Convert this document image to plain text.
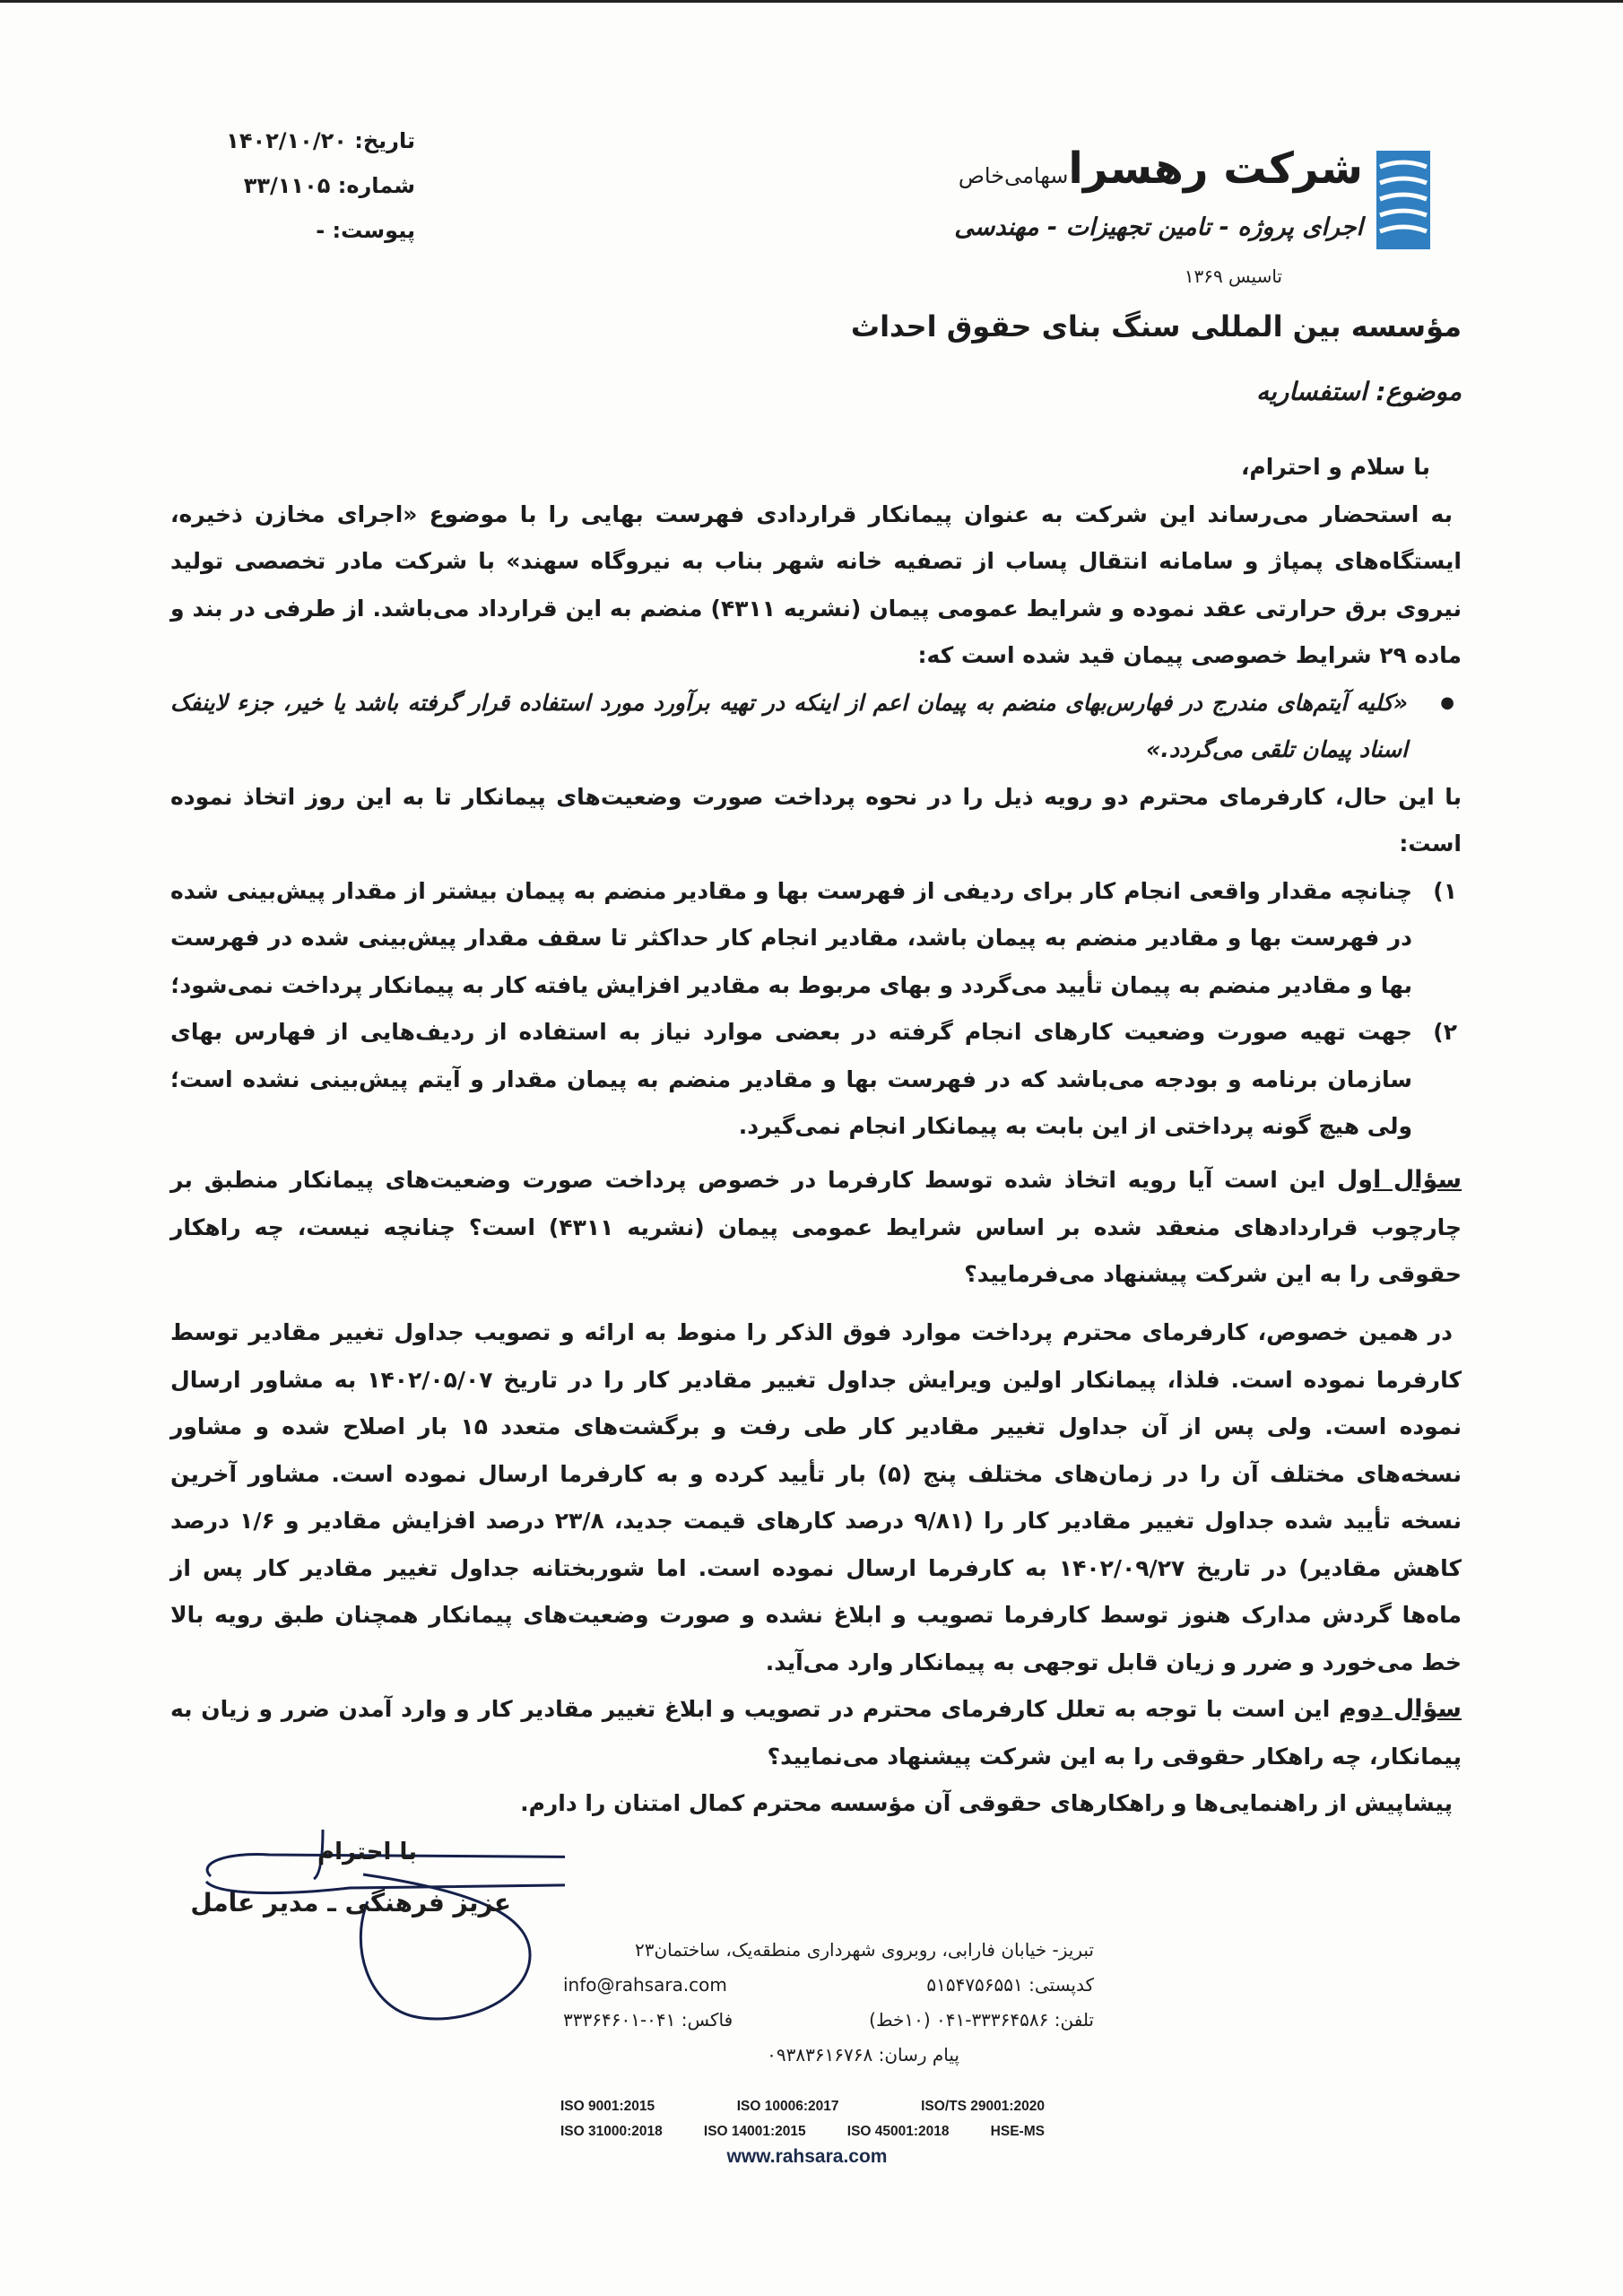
تاریخ: ۱۴۰۲/۱۰/۲۰
شماره: ۳۳/۱۱۰۵
پیوست: -
شرکت رهسراسهامی‌خاص
اجرای پروژه - تامین تجهیزات - مهندسی
تاسیس ۱۳۶۹
مؤسسه بین المللی سنگ بنای حقوق احداث
موضوع: استفساریه

با سلام و احترام،

به استحضار می‌رساند این شرکت به عنوان پیمانکار قراردادی فهرست بهایی را با موضوع «اجرای مخازن ذخیره، ایستگاه‌های پمپاژ و سامانه انتقال پساب از تصفیه خانه شهر بناب به نیروگاه سهند» با شرکت مادر تخصصی تولید نیروی برق حرارتی عقد نموده و شرایط عمومی پیمان (نشریه ۴۳۱۱) منضم به این قرارداد می‌باشد. از طرفی در بند و ماده ۲۹ شرایط خصوصی پیمان قید شده است که:

● «کلیه آیتم‌های مندرج در فهارس‌بهای منضم به پیمان اعم از اینکه در تهیه برآورد مورد استفاده قرار گرفته باشد یا خیر، جزء لاینفک اسناد پیمان تلقی می‌گردد.»

با این حال، کارفرمای محترم دو رویه ذیل را در نحوه پرداخت صورت وضعیت‌های پیمانکار تا به این روز اتخاذ نموده است:

۱)
چنانچه مقدار واقعی انجام کار برای ردیفی از فهرست بها و مقادیر منضم به پیمان بیشتر از مقدار پیش‌بینی شده در فهرست بها و مقادیر منضم به پیمان باشد، مقادیر انجام کار حداکثر تا سقف مقدار پیش‌بینی شده در فهرست بها و مقادیر منضم به پیمان تأیید می‌گردد و بهای مربوط به مقادیر افزایش یافته کار به پیمانکار پرداخت نمی‌شود؛

۲)
جهت تهیه صورت وضعیت کارهای انجام گرفته در بعضی موارد نیاز به استفاده از ردیف‌هایی از فهارس بهای سازمان برنامه و بودجه می‌باشد که در فهرست بها و مقادیر منضم به پیمان مقدار و آیتم پیش‌بینی نشده است؛ ولی هیچ گونه پرداختی از این بابت به پیمانکار انجام نمی‌گیرد.

سؤال اول این است آیا رویه اتخاذ شده توسط کارفرما در خصوص پرداخت صورت وضعیت‌های پیمانکار منطبق بر چارچوب قراردادهای منعقد شده بر اساس شرایط عمومی پیمان (نشریه ۴۳۱۱) است؟ چنانچه نیست، چه راهکار حقوقی را به این شرکت پیشنهاد می‌فرمایید؟

در همین خصوص، کارفرمای محترم پرداخت موارد فوق الذکر را منوط به ارائه و تصویب جداول تغییر مقادیر توسط کارفرما نموده است. فلذا، پیمانکار اولین ویرایش جداول تغییر مقادیر کار را در تاریخ ۱۴۰۲/۰۵/۰۷ به مشاور ارسال نموده است. ولی پس از آن جداول تغییر مقادیر کار طی رفت و برگشت‌های متعدد ۱۵ بار اصلاح شده و مشاور نسخه‌های مختلف آن را در زمان‌های مختلف پنج (۵) بار تأیید کرده و به کارفرما ارسال نموده است. مشاور آخرین نسخه تأیید شده جداول تغییر مقادیر کار را (۹/۸۱ درصد کارهای قیمت جدید، ۲۳/۸ درصد افزایش مقادیر و ۱/۶ درصد کاهش مقادیر) در تاریخ ۱۴۰۲/۰۹/۲۷ به کارفرما ارسال نموده است. اما شوربختانه جداول تغییر مقادیر کار پس از ماه‌ها گردش مدارک هنوز توسط کارفرما تصویب و ابلاغ نشده و صورت وضعیت‌های پیمانکار همچنان طبق رویه بالا خط می‌خورد و ضرر و زیان قابل توجهی به پیمانکار وارد می‌آید.

سؤال دوم این است با توجه به تعلل کارفرمای محترم در تصویب و ابلاغ تغییر مقادیر کار و وارد آمدن ضرر و زیان به پیمانکار، چه راهکار حقوقی را به این شرکت پیشنهاد می‌نمایید؟

پیشاپیش از راهنمایی‌ها و راهکارهای حقوقی آن مؤسسه محترم کمال امتنان را دارم.

با احترام
عزیز فرهنگی ـ مدیر عامل
تبریز- خیابان فارابی، روبروی شهرداری منطقه‌یک، ساختمان۲۳
کدپستی: ۵۱۵۴۷۵۶۵۵۱
info@rahsara.com
تلفن: ۳۳۳۶۴۵۸۶-۰۴۱ (۱۰خط)
فاکس: ۰۴۱-۳۳۳۶۴۶۰۱
پیام رسان: ۰۹۳۸۳۶۱۶۷۶۸
ISO 9001:2015	ISO 10006:2017	ISO/TS 29001:2020
ISO 31000:2018	ISO 14001:2015	ISO 45001:2018	HSE-MS
www.rahsara.com
